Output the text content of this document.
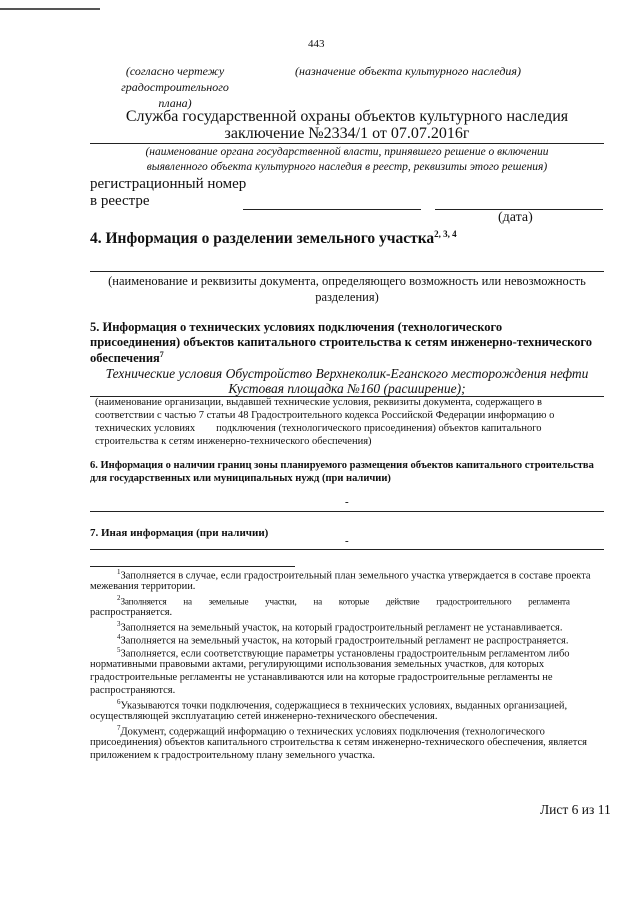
443
(согласно чертежу
градостроительного
плана)
(назначение объекта культурного наследия)
Служба государственной охраны объектов культурного наследия
заключение №2334/1 от 07.07.2016г
(наименование органа государственной власти, принявшего решение о включении
выявленного объекта культурного наследия в реестр, реквизиты этого решения)
регистрационный номер
в реестре
(дата)
4. Информация о разделении земельного участка$^{2, 3, 4}$
(наименование и реквизиты документа, определяющего возможность или невозможность
разделения)
5. Информация о технических условиях подключения (технологического
присоединения) объектов капитального строительства к сетям инженерно-технического
обеспечения$^7$
Технические условия Обустройство Верхнеколик-Еганского месторождения нефти
Кустовая площадка №160 (расширение);
(наименование организации, выдавшей технические условия, реквизиты документа, содержащего в
соответствии с частью 7 статьи 48 Градостроительного кодекса Российской Федерации информацию о
технических условиях        подключения (технологического присоединения) объектов капитального
строительства к сетям инженерно-технического обеспечения)
6. Информация о наличии границ зоны планируемого размещения объектов капитального строительства
для государственных или муниципальных нужд (при наличии)
-
7. Иная информация (при наличии)
-
$^1$Заполняется в случае, если градостроительный план земельного участка утверждается в составе проекта
межевания территории.
$^2$Заполняется        на        земельные        участки,        на        которые        действие        градостроительного        регламента
распространяется.
$^3$Заполняется на земельный участок, на который градостроительный регламент не устанавливается.
$^4$Заполняется на земельный участок, на который градостроительный регламент не распространяется.
$^5$Заполняется, если соответствующие параметры установлены градостроительным регламентом либо
нормативными правовыми актами, регулирующими использования земельных участков, для которых
градостроительные регламенты не устанавливаются или на которые градостроительные регламенты не
распространяются.
$^6$Указываются точки подключения, содержащиеся в технических условиях, выданных организацией,
осуществляющей эксплуатацию сетей инженерно-технического обеспечения.
$^7$Документ, содержащий информацию о технических условиях подключения (технологического
присоединения) объектов капитального строительства к сетям инженерно-технического обеспечения, является
приложением к градостроительному плану земельного участка.
Лист 6 из 11
